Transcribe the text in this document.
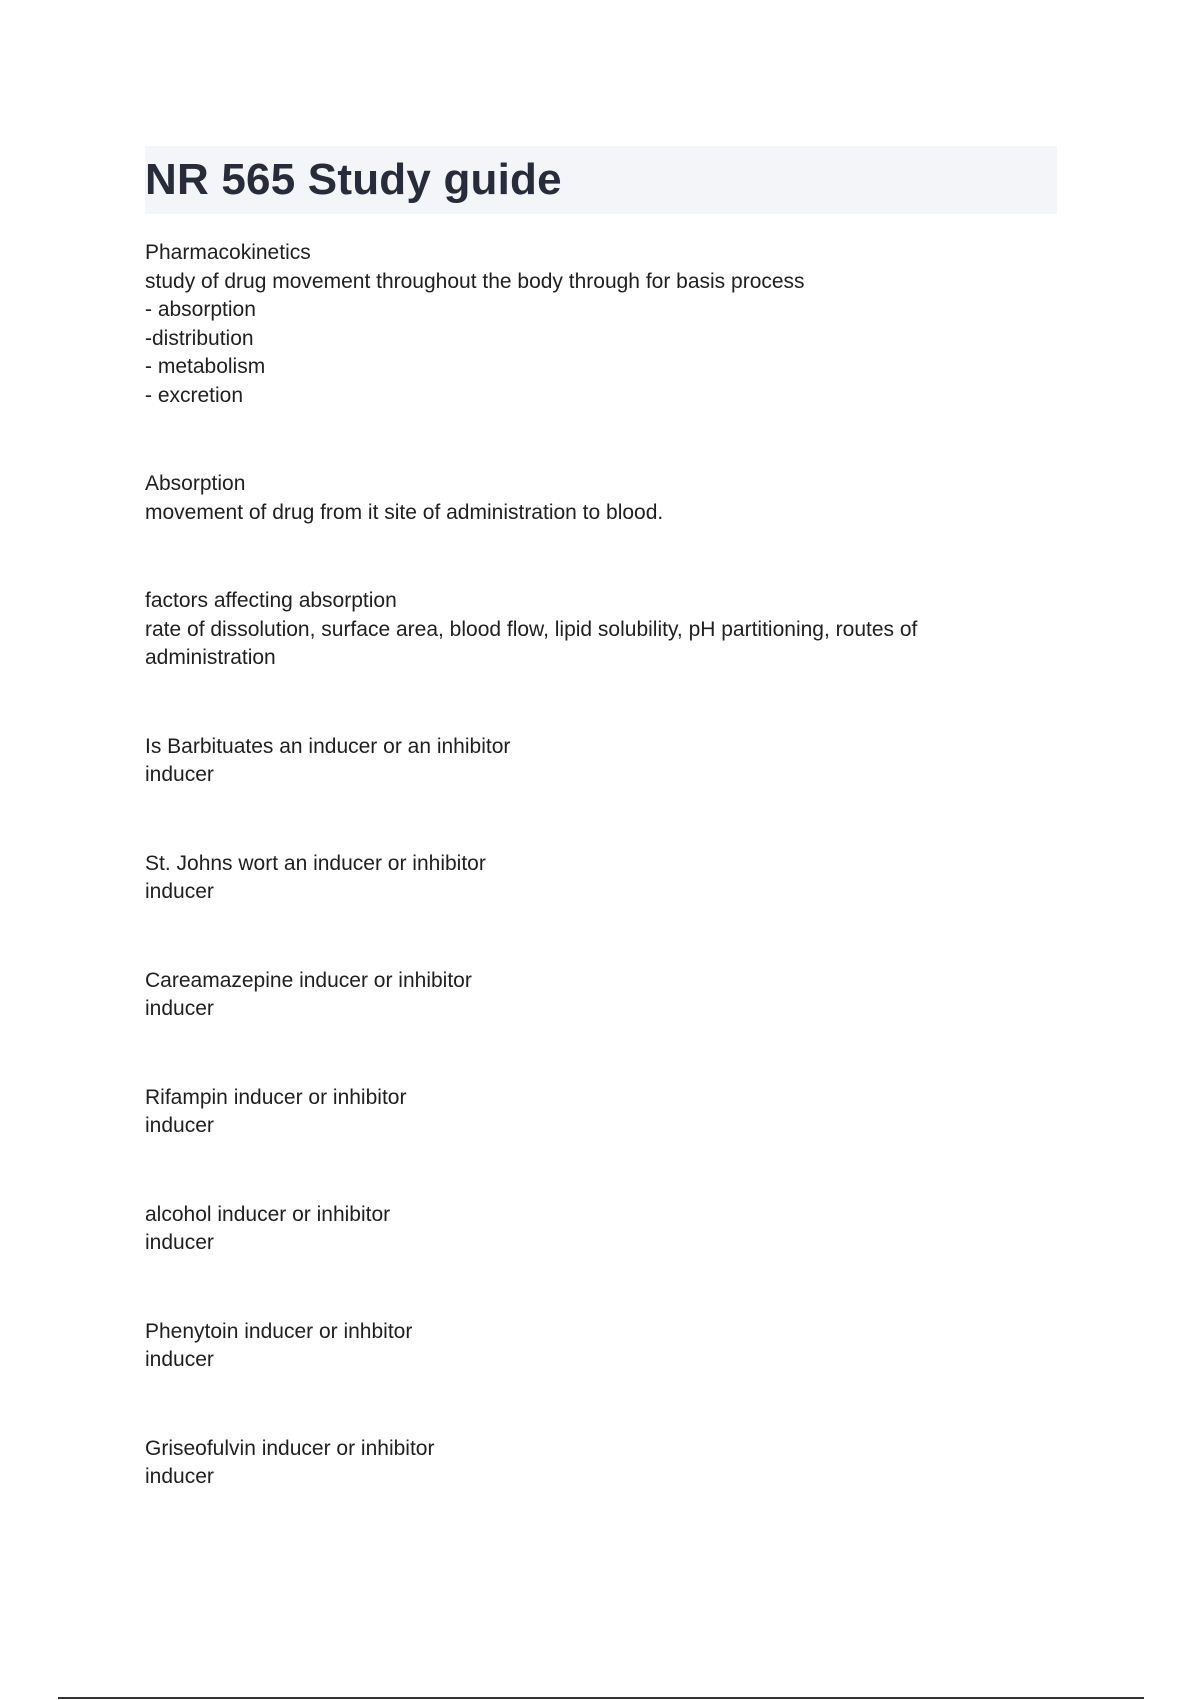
NR 565 Study guide
Pharmacokinetics
study of drug movement throughout the body through for basis process
- absorption
-distribution
- metabolism
- excretion
Absorption
movement of drug from it site of administration to blood.
factors affecting absorption
rate of dissolution, surface area, blood flow, lipid solubility, pH partitioning, routes of
administration
Is Barbituates an inducer or an inhibitor
inducer
St. Johns wort an inducer or inhibitor
inducer
Careamazepine inducer or inhibitor
inducer
Rifampin inducer or inhibitor
inducer
alcohol inducer or inhibitor
inducer
Phenytoin inducer or inhbitor
inducer
Griseofulvin inducer or inhibitor
inducer
